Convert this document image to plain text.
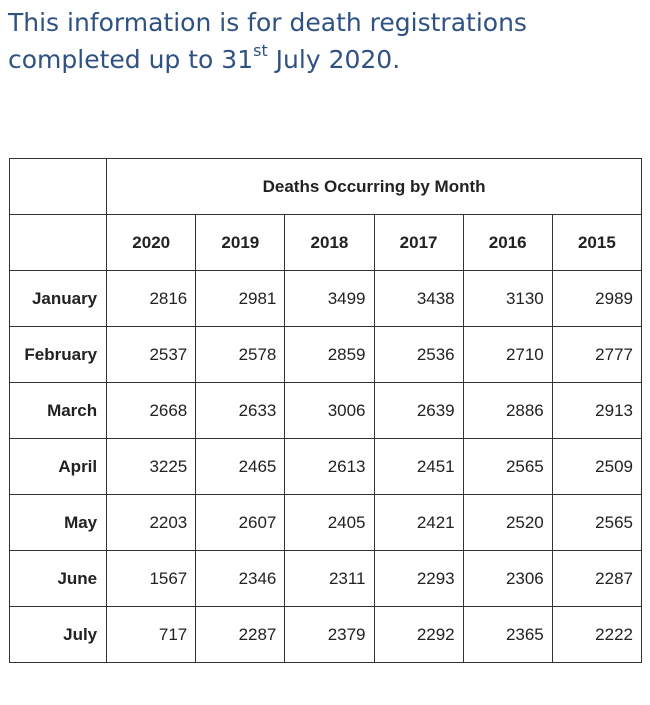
This information is for death registrations completed up to 31st July 2020.

	Deaths Occurring by Month					
	2020	2019	2018	2017	2016	2015
January	2816	2981	3499	3438	3130	2989
February	2537	2578	2859	2536	2710	2777
March	2668	2633	3006	2639	2886	2913
April	3225	2465	2613	2451	2565	2509
May	2203	2607	2405	2421	2520	2565
June	1567	2346	2311	2293	2306	2287
July	717	2287	2379	2292	2365	2222
